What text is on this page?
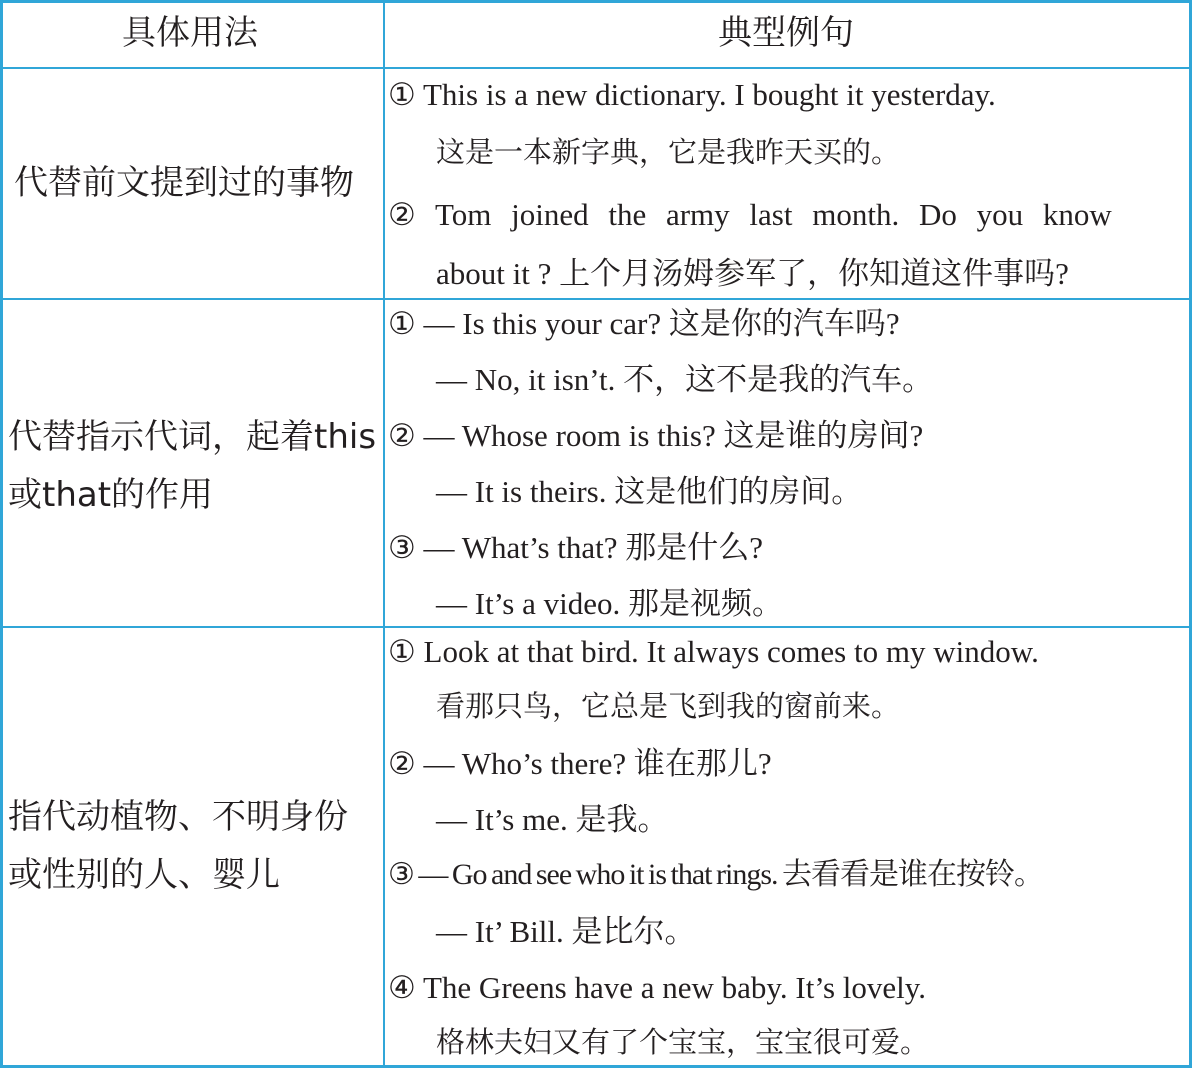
具体用法	典型例句
代替前文提到过的事物
① This is a new dictionary. I bought it yesterday.
这是一本新字典，它是我昨天买的。
② Tom joined the army last month. Do you know
about it ? 上个月汤姆参军了，你知道这件事吗?
代替指示代词，起着this
或that的作用
① — Is this your car? 这是你的汽车吗?
— No, it isn’t. 不，这不是我的汽车。
② — Whose room is this? 这是谁的房间?
— It is theirs. 这是他们的房间。
③ — What’s that? 那是什么?
— It’s a video. 那是视频。
指代动植物、不明身份
或性别的人、婴儿
① Look at that bird. It always comes to my window.
看那只鸟，它总是飞到我的窗前来。
② — Who’s there? 谁在那儿?
— It’s me. 是我。
③ — Go and see who it is that rings. 去看看是谁在按铃。
— It’ Bill. 是比尔。
④ The Greens have a new baby. It’s lovely.
格林夫妇又有了个宝宝，宝宝很可爱。
